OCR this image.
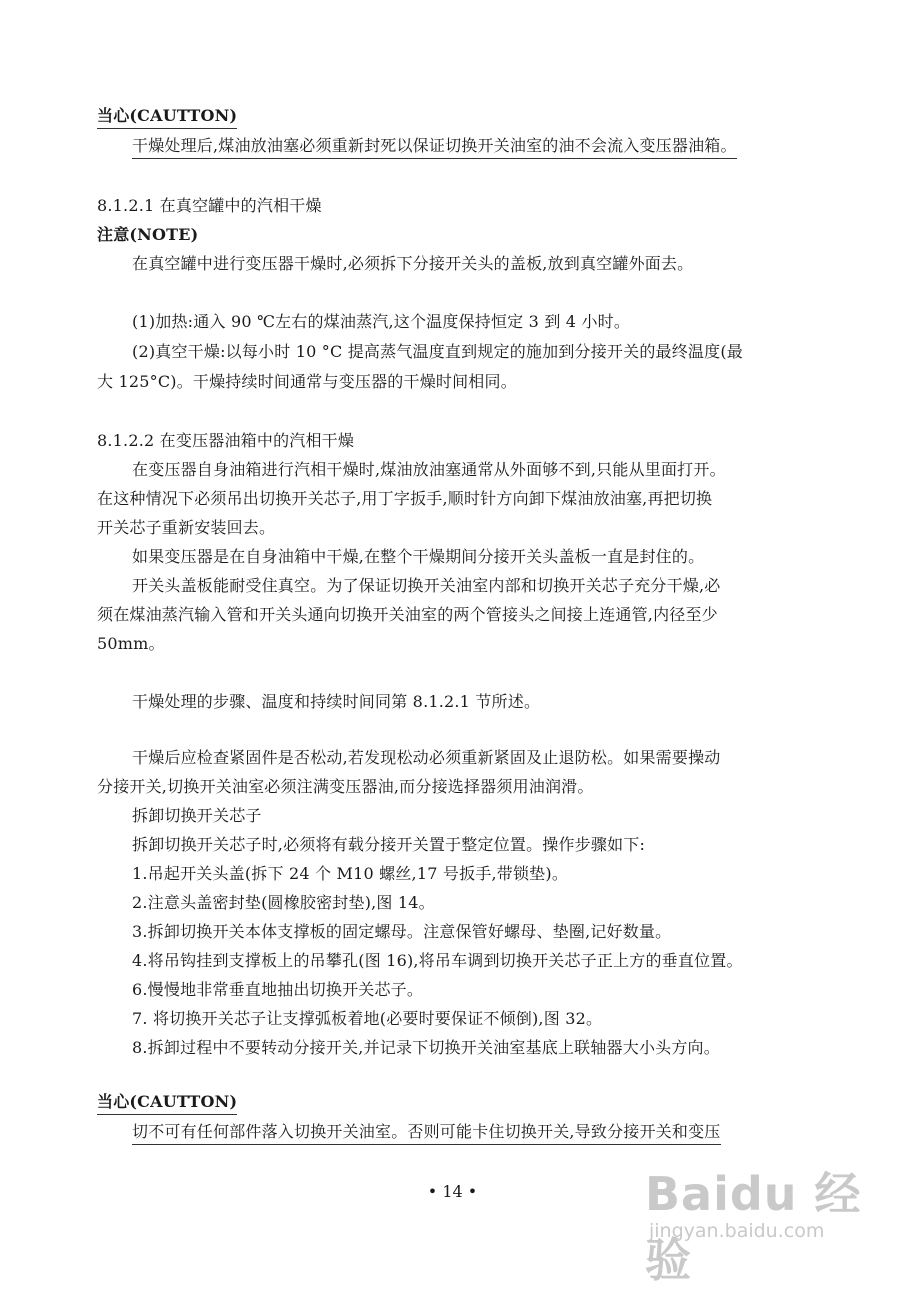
当心(CAUTTON)
干燥处理后,煤油放油塞必须重新封死以保证切换开关油室的油不会流入变压器油箱。
8.1.2.1 在真空罐中的汽相干燥
注意(NOTE)
在真空罐中进行变压器干燥时,必须拆下分接开关头的盖板,放到真空罐外面去。
(1)加热:通入 90 ℃左右的煤油蒸汽,这个温度保持恒定 3 到 4 小时。
(2)真空干燥:以每小时 10 °C 提高蒸气温度直到规定的施加到分接开关的最终温度(最
大 125°C)。干燥持续时间通常与变压器的干燥时间相同。
8.1.2.2 在变压器油箱中的汽相干燥
在变压器自身油箱进行汽相干燥时,煤油放油塞通常从外面够不到,只能从里面打开。
在这种情况下必须吊出切换开关芯子,用丁字扳手,顺时针方向卸下煤油放油塞,再把切换
开关芯子重新安装回去。
如果变压器是在自身油箱中干燥,在整个干燥期间分接开关头盖板一直是封住的。
开关头盖板能耐受住真空。为了保证切换开关油室内部和切换开关芯子充分干燥,必
须在煤油蒸汽输入管和开关头通向切换开关油室的两个管接头之间接上连通管,内径至少
50mm。
干燥处理的步骤、温度和持续时间同第 8.1.2.1 节所述。
干燥后应检查紧固件是否松动,若发现松动必须重新紧固及止退防松。如果需要操动
分接开关,切换开关油室必须注满变压器油,而分接选择器须用油润滑。
拆卸切换开关芯子
拆卸切换开关芯子时,必须将有载分接开关置于整定位置。操作步骤如下:
1.吊起开关头盖(拆下 24 个 M10 螺丝,17 号扳手,带锁垫)。
2.注意头盖密封垫(圆橡胶密封垫),图 14。
3.拆卸切换开关本体支撑板的固定螺母。注意保管好螺母、垫圈,记好数量。
4.将吊钩挂到支撑板上的吊攀孔(图 16),将吊车调到切换开关芯子正上方的垂直位置。
6.慢慢地非常垂直地抽出切换开关芯子。
7. 将切换开关芯子让支撑弧板着地(必要时要保证不倾倒),图 32。
8.拆卸过程中不要转动分接开关,并记录下切换开关油室基底上联轴器大小头方向。
当心(CAUTTON)
切不可有任何部件落入切换开关油室。否则可能卡住切换开关,导致分接开关和变压
• 14 •	Baidu 经验
jingyan.baidu.com
